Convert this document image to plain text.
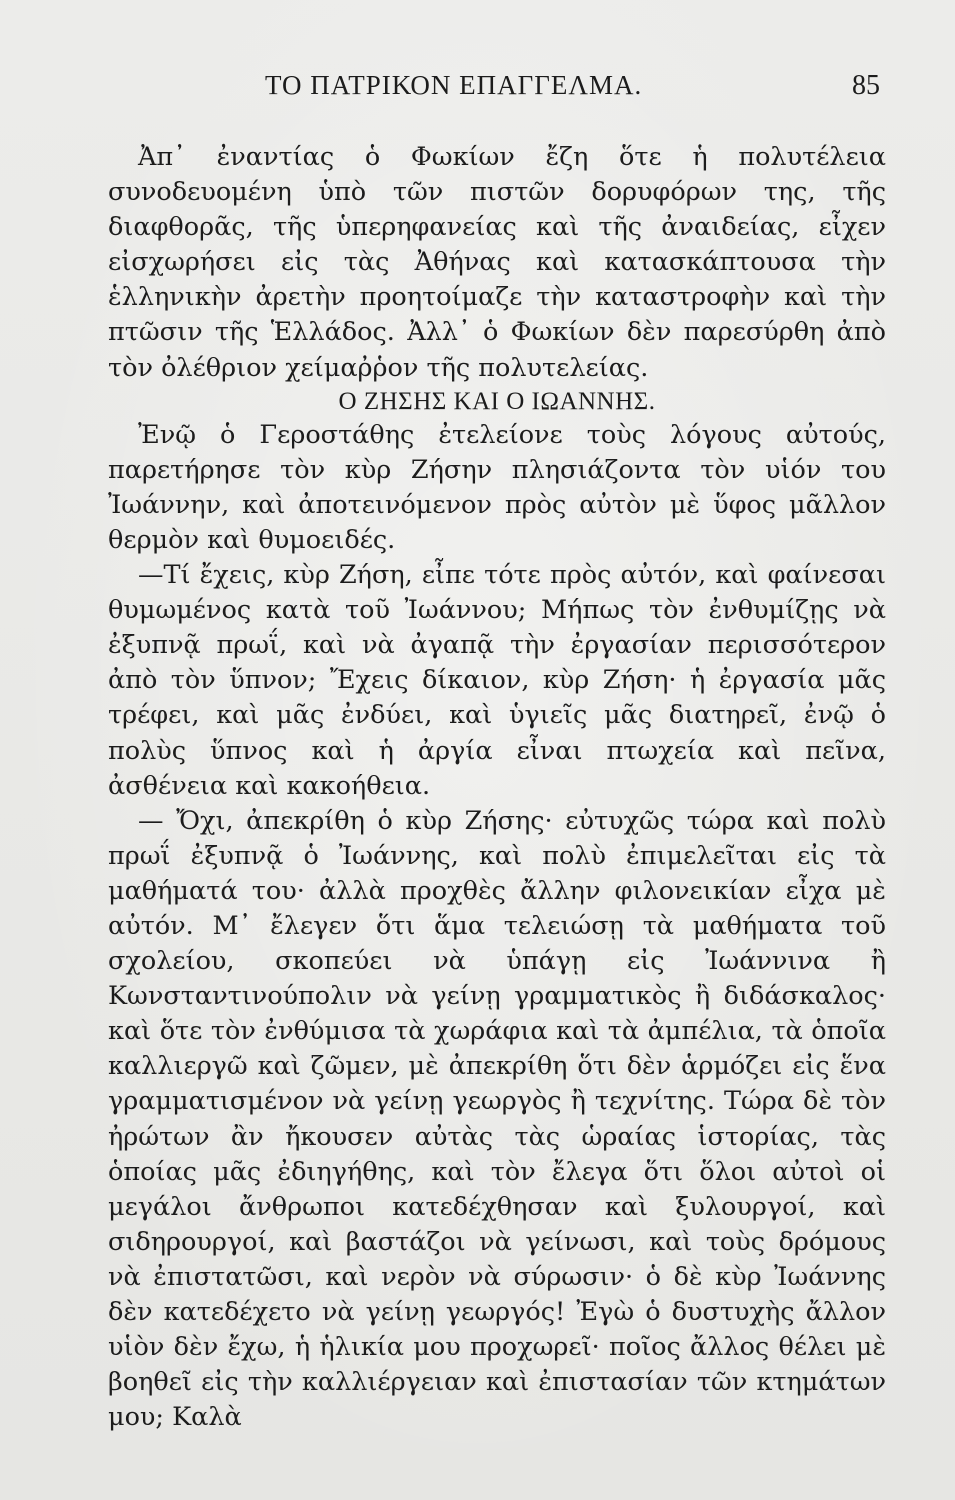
ΤΟ ΠΑΤΡΙΚΟΝ ΕΠΑΓΓΕΛΜΑ.	85

Ἀπ᾽ ἐναντίας ὁ Φωκίων ἔζη ὅτε ἡ πολυτέλεια συνοδευομένη ὑπὸ τῶν πιστῶν δορυφόρων της, τῆς διαφθορᾶς, τῆς ὑπερηφανείας καὶ τῆς ἀναιδείας, εἶχεν εἰσχωρήσει εἰς τὰς Ἀθήνας καὶ κατασκάπτουσα τὴν ἑλληνικὴν ἀρετὴν προητοίμαζε τὴν καταστροφὴν καὶ τὴν πτῶσιν τῆς Ἑλλάδος. Ἀλλ᾽ ὁ Φωκίων δὲν παρεσύρθη ἀπὸ τὸν ὀλέθριον χείμαῤῥον τῆς πολυτελείας.

Ο ΖΗΣΗΣ ΚΑΙ Ο ΙΩΑΝΝΗΣ.

Ἐνῷ ὁ Γεροστάθης ἐτελείονε τοὺς λόγους αὐτούς, παρετήρησε τὸν κὺρ Ζήσην πλησιάζοντα τὸν υἱόν του Ἰωάννην, καὶ ἀποτεινόμενον πρὸς αὐτὸν μὲ ὕφος μᾶλλον θερμὸν καὶ θυμοειδές.

—Τί ἔχεις, κὺρ Ζήση, εἶπε τότε πρὸς αὐτόν, καὶ φαίνεσαι θυμωμένος κατὰ τοῦ Ἰωάννου; Μήπως τὸν ἐνθυμίζῃς νὰ ἐξυπνᾷ πρωΐ, καὶ νὰ ἀγαπᾷ τὴν ἐργασίαν περισσότερον ἀπὸ τὸν ὕπνον; Ἔχεις δίκαιον, κὺρ Ζήση· ἡ ἐργασία μᾶς τρέφει, καὶ μᾶς ἐνδύει, καὶ ὑγιεῖς μᾶς διατηρεῖ, ἐνῷ ὁ πολὺς ὕπνος καὶ ἡ ἀργία εἶναι πτωχεία καὶ πεῖνα, ἀσθένεια καὶ κακοήθεια.

— Ὄχι, ἀπεκρίθη ὁ κὺρ Ζήσης· εὐτυχῶς τώρα καὶ πολὺ πρωΐ ἐξυπνᾷ ὁ Ἰωάννης, καὶ πολὺ ἐπιμελεῖται εἰς τὰ μαθήματά του· ἀλλὰ προχθὲς ἄλλην φιλονεικίαν εἶχα μὲ αὐτόν. Μ᾽ ἔλεγεν ὅτι ἅμα τελειώσῃ τὰ μαθήματα τοῦ σχολείου, σκοπεύει νὰ ὑπάγῃ εἰς Ἰωάννινα ἢ Κωνσταντινούπολιν νὰ γείνῃ γραμματικὸς ἢ διδάσκαλος· καὶ ὅτε τὸν ἐνθύμισα τὰ χωράφια καὶ τὰ ἀμπέλια, τὰ ὁποῖα καλλιεργῶ καὶ ζῶμεν, μὲ ἀπεκρίθη ὅτι δὲν ἁρμόζει εἰς ἕνα γραμματισμένον νὰ γείνῃ γεωργὸς ἢ τεχνίτης. Τώρα δὲ τὸν ἠρώτων ἂν ἤκουσεν αὐτὰς τὰς ὡραίας ἱστορίας, τὰς ὁποίας μᾶς ἐδιηγήθης, καὶ τὸν ἔλεγα ὅτι ὅλοι αὐτοὶ οἱ μεγάλοι ἄνθρωποι κατεδέχθησαν καὶ ξυλουργοί, καὶ σιδηρουργοί, καὶ βαστάζοι νὰ γείνωσι, καὶ τοὺς δρόμους νὰ ἐπιστατῶσι, καὶ νερὸν νὰ σύρωσιν· ὁ δὲ κὺρ Ἰωάννης δὲν κατεδέχετο νὰ γείνῃ γεωργός! Ἐγὼ ὁ δυστυχὴς ἄλλον υἱὸν δὲν ἔχω, ἡ ἡλικία μου προχωρεῖ· ποῖος ἄλλος θέλει μὲ βοηθεῖ εἰς τὴν καλλιέργειαν καὶ ἐπιστασίαν τῶν κτημάτων μου; Καλὰ
